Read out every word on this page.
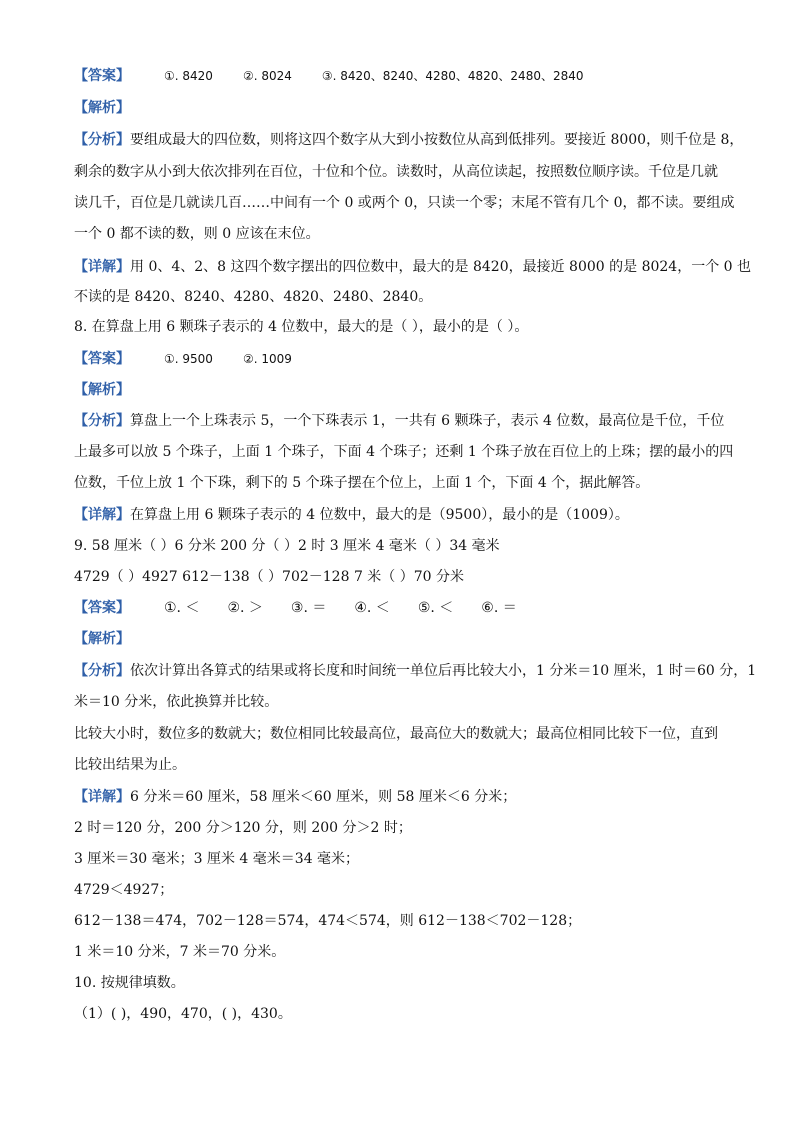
【答案】	①. 8420	②. 8024	③. 8420、8240、4280、4820、2480、2840
【解析】
【分析】要组成最大的四位数，则将这四个数字从大到小按数位从高到低排列。要接近 8000，则千位是 8，
剩余的数字从小到大依次排列在百位，十位和个位。读数时，从高位读起，按照数位顺序读。千位是几就
读几千，百位是几就读几百……中间有一个 0 或两个 0，只读一个零；末尾不管有几个 0，都不读。要组成
一个 0 都不读的数，则 0 应该在末位。
【详解】用 0、4、2、8 这四个数字摆出的四位数中，最大的是 8420，最接近 8000 的是 8024，一个 0 也
不读的是 8420、8240、4280、4820、2480、2840。
8. 在算盘上用 6 颗珠子表示的 4 位数中，最大的是（ ），最小的是（ ）。
【答案】	①. 9500	②. 1009
【解析】
【分析】算盘上一个上珠表示 5，一个下珠表示 1，一共有 6 颗珠子，表示 4 位数，最高位是千位，千位
上最多可以放 5 个珠子，上面 1 个珠子，下面 4 个珠子；还剩 1 个珠子放在百位上的上珠；摆的最小的四
位数，千位上放 1 个下珠，剩下的 5 个珠子摆在个位上，上面 1 个，下面 4 个，据此解答。
【详解】在算盘上用 6 颗珠子表示的 4 位数中，最大的是（9500），最小的是（1009）。
9. 58 厘米（ ）6 分米 200 分（ ）2 时 3 厘米 4 毫米（ ）34 毫米
4729（ ）4927 612－138（ ）702－128 7 米（ ）70 分米
【答案】 ①. ＜ ②. ＞ ③. ＝ ④. ＜ ⑤. ＜ ⑥. ＝
【解析】
【分析】依次计算出各算式的结果或将长度和时间统一单位后再比较大小，1 分米＝10 厘米，1 时＝60 分，1
米＝10 分米，依此换算并比较。
比较大小时，数位多的数就大；数位相同比较最高位，最高位大的数就大；最高位相同比较下一位，直到
比较出结果为止。
【详解】6 分米＝60 厘米，58 厘米＜60 厘米，则 58 厘米＜6 分米；
2 时＝120 分，200 分＞120 分，则 200 分＞2 时；
3 厘米＝30 毫米；3 厘米 4 毫米＝34 毫米；
4729＜4927；
612－138＝474，702－128＝574，474＜574，则 612－138＜702－128；
1 米＝10 分米，7 米＝70 分米。
10. 按规律填数。
（1）( )，490，470，( )，430。
